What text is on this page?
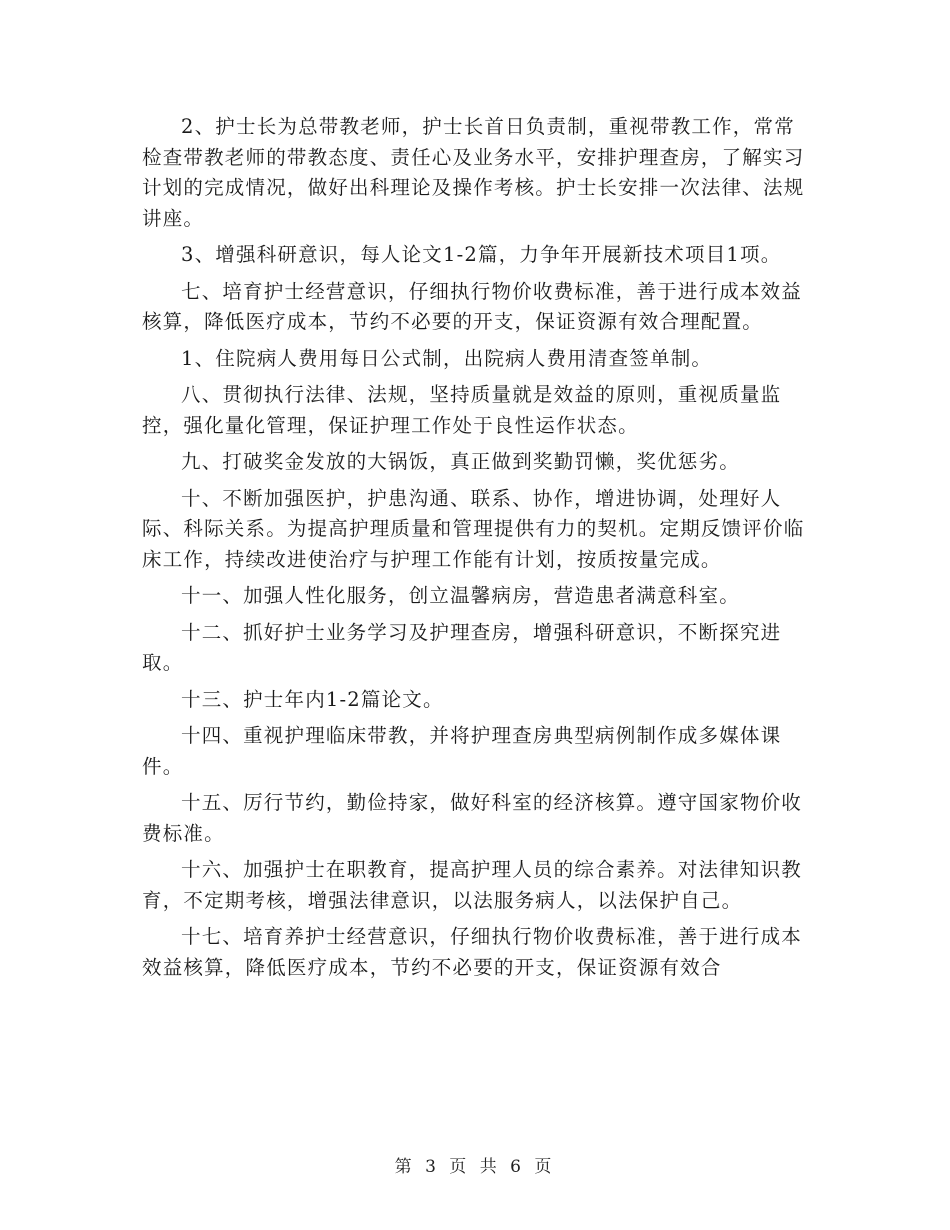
2、护士长为总带教老师，护士长首日负责制，重视带教工作，常常检查带教老师的带教态度、责任心及业务水平，安排护理查房，了解实习计划的完成情况，做好出科理论及操作考核。护士长安排一次法律、法规讲座。

3、增强科研意识，每人论文1-2篇，力争年开展新技术项目1项。

七、培育护士经营意识，仔细执行物价收费标准，善于进行成本效益核算，降低医疗成本，节约不必要的开支，保证资源有效合理配置。

1、住院病人费用每日公式制，出院病人费用清查签单制。

八、贯彻执行法律、法规，坚持质量就是效益的原则，重视质量监控，强化量化管理，保证护理工作处于良性运作状态。

九、打破奖金发放的大锅饭，真正做到奖勤罚懒，奖优惩劣。

十、不断加强医护，护患沟通、联系、协作，增进协调，处理好人际、科际关系。为提高护理质量和管理提供有力的契机。定期反馈评价临床工作，持续改进使治疗与护理工作能有计划，按质按量完成。

十一、加强人性化服务，创立温馨病房，营造患者满意科室。

十二、抓好护士业务学习及护理查房，增强科研意识，不断探究进取。

十三、护士年内1-2篇论文。

十四、重视护理临床带教，并将护理查房典型病例制作成多媒体课件。

十五、厉行节约，勤俭持家，做好科室的经济核算。遵守国家物价收费标准。

十六、加强护士在职教育，提高护理人员的综合素养。对法律知识教育，不定期考核，增强法律意识，以法服务病人，以法保护自己。

十七、培育养护士经营意识，仔细执行物价收费标准，善于进行成本效益核算，降低医疗成本，节约不必要的开支，保证资源有效合

第 3 页 共 6 页
